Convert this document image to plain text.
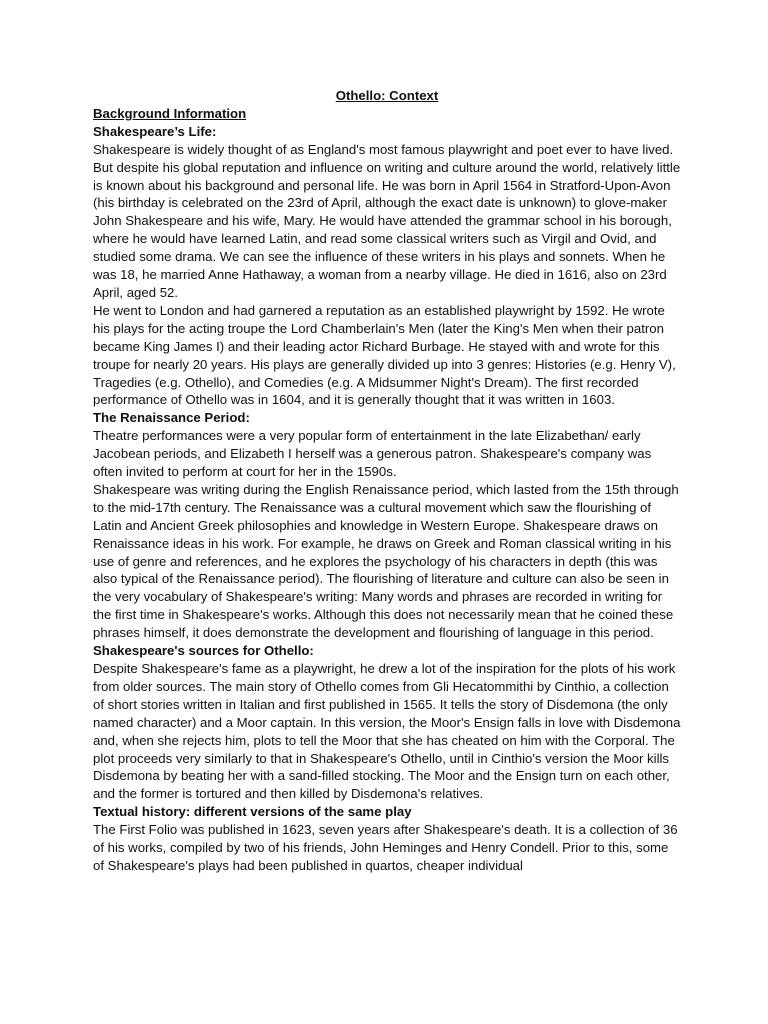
Othello: Context

Background Information

Shakespeare’s Life:

Shakespeare is widely thought of as England's most famous playwright and poet ever to have lived. But despite his global reputation and influence on writing and culture around the world, relatively little is known about his background and personal life. He was born in April 1564 in Stratford-Upon-Avon (his birthday is celebrated on the 23rd of April, although the exact date is unknown) to glove-maker John Shakespeare and his wife, Mary. He would have attended the grammar school in his borough, where he would have learned Latin, and read some classical writers such as Virgil and Ovid, and studied some drama. We can see the influence of these writers in his plays and sonnets. When he was 18, he married Anne Hathaway, a woman from a nearby village. He died in 1616, also on 23rd April, aged 52.

He went to London and had garnered a reputation as an established playwright by 1592. He wrote his plays for the acting troupe the Lord Chamberlain's Men (later the King's Men when their patron became King James I) and their leading actor Richard Burbage. He stayed with and wrote for this troupe for nearly 20 years. His plays are generally divided up into 3 genres: Histories (e.g. Henry V), Tragedies (e.g. Othello), and Comedies (e.g. A Midsummer Night's Dream). The first recorded performance of Othello was in 1604, and it is generally thought that it was written in 1603.

The Renaissance Period:

Theatre performances were a very popular form of entertainment in the late Elizabethan/ early Jacobean periods, and Elizabeth I herself was a generous patron. Shakespeare's company was often invited to perform at court for her in the 1590s.

Shakespeare was writing during the English Renaissance period, which lasted from the 15th through to the mid-17th century. The Renaissance was a cultural movement which saw the flourishing of Latin and Ancient Greek philosophies and knowledge in Western Europe. Shakespeare draws on Renaissance ideas in his work. For example, he draws on Greek and Roman classical writing in his use of genre and references, and he explores the psychology of his characters in depth (this was also typical of the Renaissance period). The flourishing of literature and culture can also be seen in the very vocabulary of Shakespeare's writing: Many words and phrases are recorded in writing for the first time in Shakespeare's works. Although this does not necessarily mean that he coined these phrases himself, it does demonstrate the development and flourishing of language in this period.

Shakespeare's sources for Othello:

Despite Shakespeare's fame as a playwright, he drew a lot of the inspiration for the plots of his work from older sources. The main story of Othello comes from Gli Hecatommithi by Cinthio, a collection of short stories written in Italian and first published in 1565. It tells the story of Disdemona (the only named character) and a Moor captain. In this version, the Moor's Ensign falls in love with Disdemona and, when she rejects him, plots to tell the Moor that she has cheated on him with the Corporal. The plot proceeds very similarly to that in Shakespeare's Othello, until in Cinthio's version the Moor kills Disdemona by beating her with a sand-filled stocking. The Moor and the Ensign turn on each other, and the former is tortured and then killed by Disdemona's relatives.

Textual history: different versions of the same play

The First Folio was published in 1623, seven years after Shakespeare's death. It is a collection of 36 of his works, compiled by two of his friends, John Heminges and Henry Condell. Prior to this, some of Shakespeare's plays had been published in quartos, cheaper individual
